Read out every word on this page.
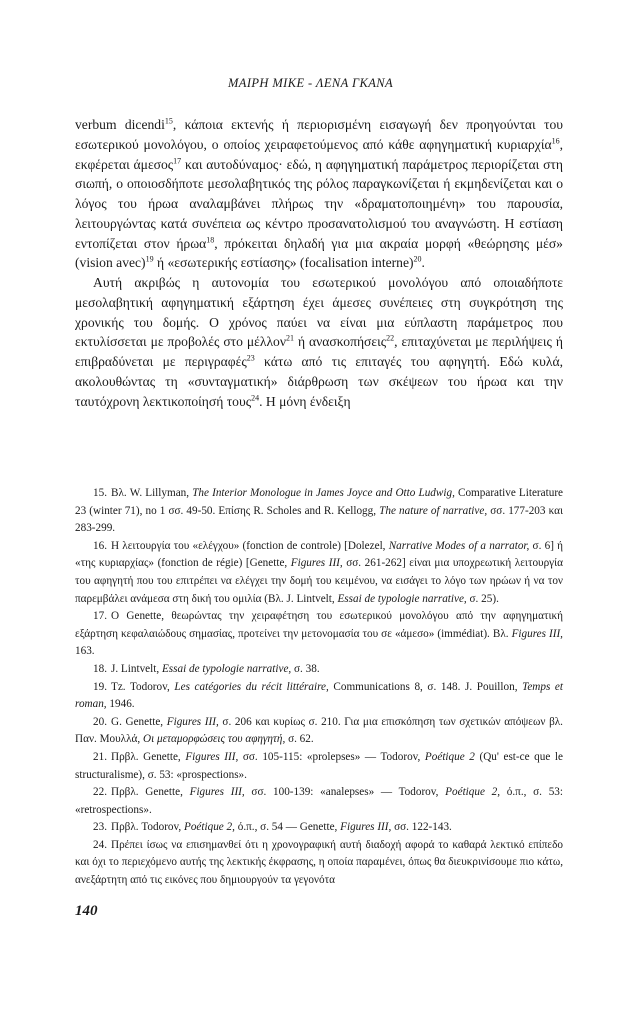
ΜΑΙΡΗ ΜΙΚΕ - ΛΕΝΑ ΓΚΑΝΑ

verbum dicendi$^{15}$, κάποια εκτενής ή περιορισμένη εισαγωγή δεν προηγούνται του εσωτερικού μονολόγου, ο οποίος χειραφετούμενος από κάθε αφηγηματική κυριαρχία$^{16}$, εκφέρεται άμεσος$^{17}$ και αυτοδύναμος· εδώ, η αφηγηματική παράμετρος περιορίζεται στη σιωπή, ο οποιοσδήποτε μεσολαβητικός της ρόλος παραγκωνίζεται ή εκμηδενίζεται και ο λόγος του ήρωα αναλαμβάνει πλήρως την «δραματοποιημένη» του παρουσία, λειτουργώντας κατά συνέπεια ως κέντρο προσανατολισμού του αναγνώστη. Η εστίαση εντοπίζεται στον ήρωα$^{18}$, πρόκειται δηλαδή για μια ακραία μορφή «θεώρησης μέσ» (vision avec)$^{19}$ ή «εσωτερικής εστίασης» (focalisation interne)$^{20}$.

Αυτή ακριβώς η αυτονομία του εσωτερικού μονολόγου από οποιαδήποτε μεσολαβητική αφηγηματική εξάρτηση έχει άμεσες συνέπειες στη συγκρότηση της χρονικής του δομής. Ο χρόνος παύει να είναι μια εύπλαστη παράμετρος που εκτυλίσσεται με προβολές στο μέλλον$^{21}$ ή ανασκοπήσεις$^{22}$, επιταχύνεται με περιλήψεις ή επιβραδύνεται με περιγραφές$^{23}$ κάτω από τις επιταγές του αφηγητή. Εδώ κυλά, ακολουθώντας τη «συνταγματική» διάρθρωση των σκέψεων του ήρωα και την ταυτόχρονη λεκτικοποίησή τους$^{24}$. Η μόνη ένδειξη

15. Βλ. W. Lillyman, The Interior Monologue in James Joyce and Otto Ludwig, Comparative Literature 23 (winter 71), no 1 σσ. 49-50. Επίσης R. Scholes and R. Kellogg, The nature of narrative, σσ. 177-203 και 283-299.

16. Η λειτουργία του «ελέγχου» (fonction de controle) [Dolezel, Narrative Modes of a narrator, σ. 6] ή «της κυριαρχίας» (fonction de régie) [Genette, Figures III, σσ. 261-262] είναι μια υποχρεωτική λειτουργία του αφηγητή που του επιτρέπει να ελέγχει την δομή του κειμένου, να εισάγει το λόγο των ηρώων ή να τον παρεμβάλει ανάμεσα στη δική του ομιλία (Βλ. J. Lintvelt, Essai de typologie narrative, σ. 25).

17. Ο Genette, θεωρώντας την χειραφέτηση του εσωτερικού μονολόγου από την αφηγηματική εξάρτηση κεφαλαιώδους σημασίας, προτείνει την μετονομασία του σε «άμεσο» (immédiat). Βλ. Figures III, 163.

18. J. Lintvelt, Essai de typologie narrative, σ. 38.

19. Tz. Todorov, Les catégories du récit littéraire, Communications 8, σ. 148. J. Pouillon, Temps et roman, 1946.

20. G. Genette, Figures III, σ. 206 και κυρίως σ. 210. Για μια επισκόπηση των σχετικών απόψεων βλ. Παν. Μουλλά, Οι μεταμορφώσεις του αφηγητή, σ. 62.

21. Πρβλ. Genette, Figures III, σσ. 105-115: «prolepses» — Todorov, Poétique 2 (Qu' est-ce que le structuralisme), σ. 53: «prospections».

22. Πρβλ. Genette, Figures III, σσ. 100-139: «analepses» — Todorov, Poétique 2, ό.π., σ. 53: «retrospections».

23. Πρβλ. Todorov, Poétique 2, ό.π., σ. 54 — Genette, Figures III, σσ. 122-143.

24. Πρέπει ίσως να επισημανθεί ότι η χρονογραφική αυτή διαδοχή αφορά το καθαρά λεκτικό επίπεδο και όχι το περιεχόμενο αυτής της λεκτικής έκφρασης, η οποία παραμένει, όπως θα διευκρινίσουμε πιο κάτω, ανεξάρτητη από τις εικόνες που δημιουργούν τα γεγονότα

140
